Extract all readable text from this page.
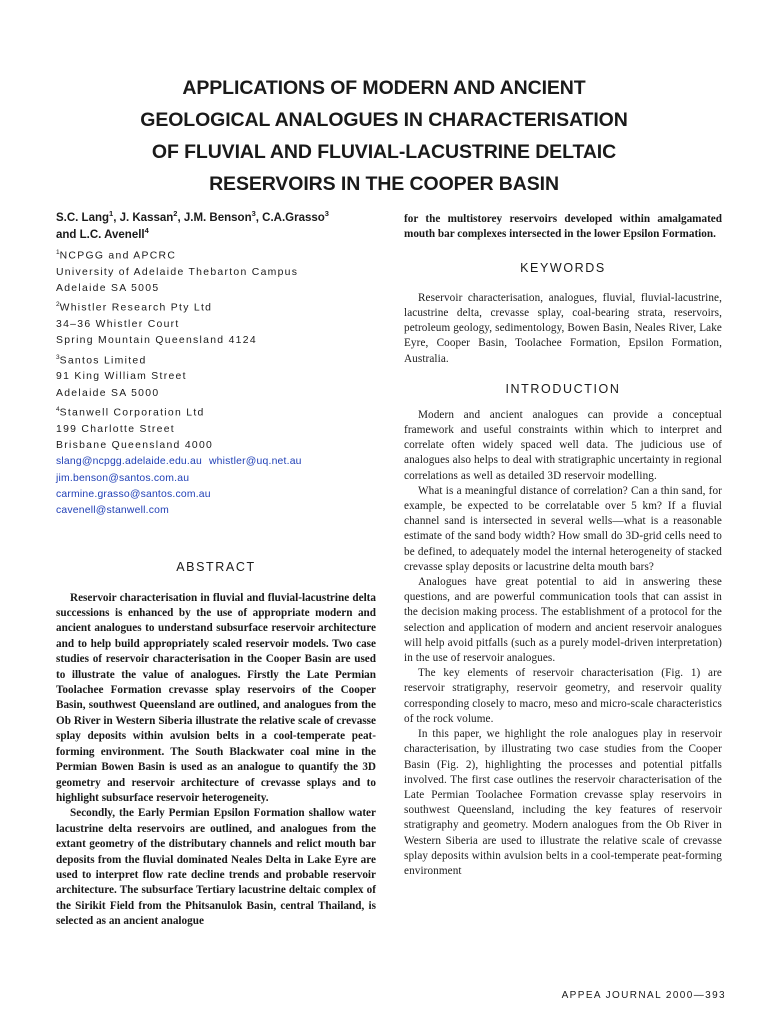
APPLICATIONS OF MODERN AND ANCIENT
GEOLOGICAL ANALOGUES IN CHARACTERISATION
OF FLUVIAL AND FLUVIAL-LACUSTRINE DELTAIC
RESERVOIRS IN THE COOPER BASIN

S.C. Lang$^1$, J. Kassan$^2$, J.M. Benson$^3$, C.A.Grasso$^3$
and L.C. Avenell$^4$

$^1$NCPGG and APCRC

University of Adelaide Thebarton Campus

Adelaide SA 5005

$^2$Whistler Research Pty Ltd

34–36 Whistler Court

Spring Mountain Queensland 4124

$^3$Santos Limited

91 King William Street

Adelaide SA 5000

$^4$Stanwell Corporation Ltd

199 Charlotte Street

Brisbane Queensland 4000

slang@ncpgg.adelaide.edu.au whistler@uq.net.au

jim.benson@santos.com.au

carmine.grasso@santos.com.au

cavenell@stanwell.com

ABSTRACT

Reservoir characterisation in fluvial and fluvial-lacustrine delta successions is enhanced by the use of appropriate modern and ancient analogues to understand subsurface reservoir architecture and to help build appropriately scaled reservoir models. Two case studies of reservoir characterisation in the Cooper Basin are used to illustrate the value of analogues. Firstly the Late Permian Toolachee Formation crevasse splay reservoirs of the Cooper Basin, southwest Queensland are outlined, and analogues from the Ob River in Western Siberia illustrate the relative scale of crevasse splay deposits within avulsion belts in a cool-temperate peat-forming environment. The South Blackwater coal mine in the Permian Bowen Basin is used as an analogue to quantify the 3D geometry and reservoir architecture of crevasse splays and to highlight subsurface reservoir heterogeneity.

Secondly, the Early Permian Epsilon Formation shallow water lacustrine delta reservoirs are outlined, and analogues from the extant geometry of the distributary channels and relict mouth bar deposits from the fluvial dominated Neales Delta in Lake Eyre are used to interpret flow rate decline trends and probable reservoir architecture. The subsurface Tertiary lacustrine deltaic complex of the Sirikit Field from the Phitsanulok Basin, central Thailand, is selected as an ancient analogue

for the multistorey reservoirs developed within amalgamated mouth bar complexes intersected in the lower Epsilon Formation.

KEYWORDS

Reservoir characterisation, analogues, fluvial, fluvial-lacustrine, lacustrine delta, crevasse splay, coal-bearing strata, reservoirs, petroleum geology, sedimentology, Bowen Basin, Neales River, Lake Eyre, Cooper Basin, Toolachee Formation, Epsilon Formation, Australia.

INTRODUCTION

Modern and ancient analogues can provide a conceptual framework and useful constraints within which to interpret and correlate often widely spaced well data. The judicious use of analogues also helps to deal with stratigraphic uncertainty in regional correlations as well as detailed 3D reservoir modelling.

What is a meaningful distance of correlation? Can a thin sand, for example, be expected to be correlatable over 5 km? If a fluvial channel sand is intersected in several wells—what is a reasonable estimate of the sand body width? How small do 3D-grid cells need to be defined, to adequately model the internal heterogeneity of stacked crevasse splay deposits or lacustrine delta mouth bars?

Analogues have great potential to aid in answering these questions, and are powerful communication tools that can assist in the decision making process. The establishment of a protocol for the selection and application of modern and ancient reservoir analogues will help avoid pitfalls (such as a purely model-driven interpretation) in the use of reservoir analogues.

The key elements of reservoir characterisation (Fig. 1) are reservoir stratigraphy, reservoir geometry, and reservoir quality corresponding closely to macro, meso and micro-scale characteristics of the rock volume.

In this paper, we highlight the role analogues play in reservoir characterisation, by illustrating two case studies from the Cooper Basin (Fig. 2), highlighting the processes and potential pitfalls involved. The first case outlines the reservoir characterisation of the Late Permian Toolachee Formation crevasse splay reservoirs in southwest Queensland, including the key features of reservoir stratigraphy and geometry. Modern analogues from the Ob River in Western Siberia are used to illustrate the relative scale of crevasse splay deposits within avulsion belts in a cool-temperate peat-forming environment

APPEA JOURNAL 2000—393
